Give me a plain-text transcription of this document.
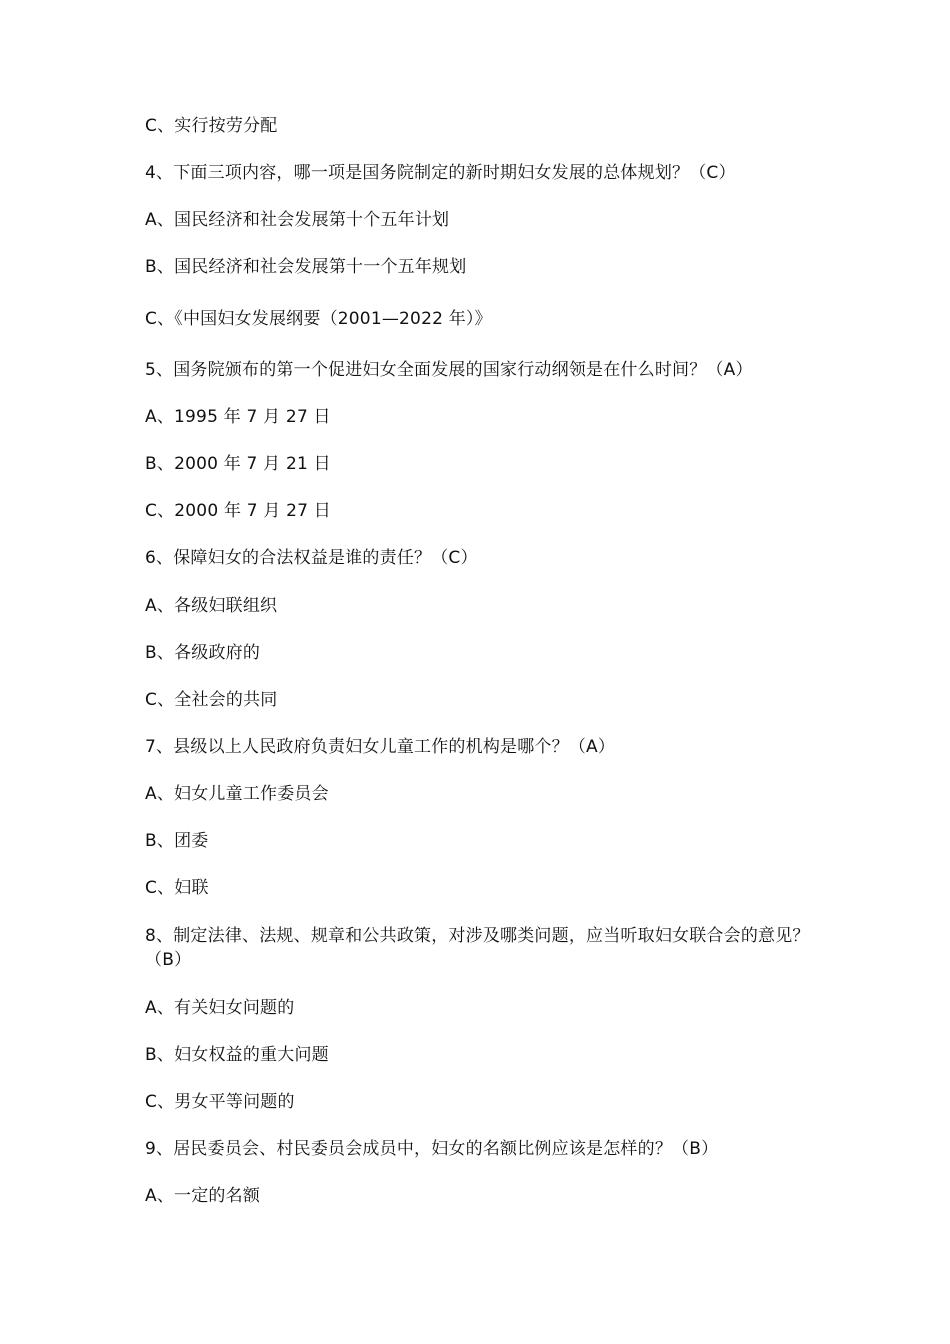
C、实行按劳分配
4、下面三项内容，哪一项是国务院制定的新时期妇女发展的总体规划？（C）
A、国民经济和社会发展第十个五年计划
B、国民经济和社会发展第十一个五年规划
C、《中国妇女发展纲要（2001—2022 年）》
5、国务院颁布的第一个促进妇女全面发展的国家行动纲领是在什么时间？（A）
A、1995 年 7 月 27 日
B、2000 年 7 月 21 日
C、2000 年 7 月 27 日
6、保障妇女的合法权益是谁的责任？（C）
A、各级妇联组织
B、各级政府的
C、全社会的共同
7、县级以上人民政府负责妇女儿童工作的机构是哪个？（A）
A、妇女儿童工作委员会
B、团委
C、妇联
8、制定法律、法规、规章和公共政策，对涉及哪类问题，应当听取妇女联合会的意见？（B）
A、有关妇女问题的
B、妇女权益的重大问题
C、男女平等问题的
9、居民委员会、村民委员会成员中，妇女的名额比例应该是怎样的？（B）
A、一定的名额
